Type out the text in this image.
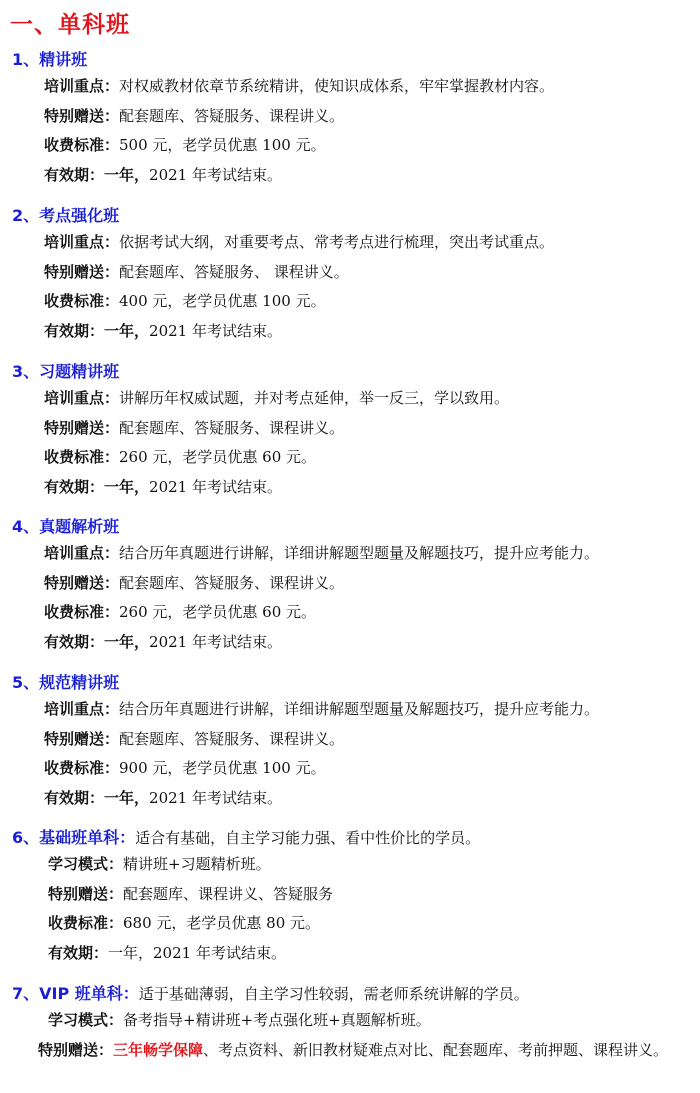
一、单科班
1、精讲班
培训重点：对权威教材依章节系统精讲，使知识成体系，牢牢掌握教材内容。
特别赠送：配套题库、答疑服务、课程讲义。
收费标准：500 元，老学员优惠 100 元。
有效期：一年，2021 年考试结束。
2、考点强化班
培训重点：依据考试大纲，对重要考点、常考考点进行梳理，突出考试重点。
特别赠送：配套题库、答疑服务、 课程讲义。
收费标准：400 元，老学员优惠 100 元。
有效期：一年，2021 年考试结束。
3、习题精讲班
培训重点：讲解历年权威试题，并对考点延伸，举一反三，学以致用。
特别赠送：配套题库、答疑服务、课程讲义。
收费标准：260 元，老学员优惠 60 元。
有效期：一年，2021 年考试结束。
4、真题解析班
培训重点：结合历年真题进行讲解，详细讲解题型题量及解题技巧，提升应考能力。
特别赠送：配套题库、答疑服务、课程讲义。
收费标准：260 元，老学员优惠 60 元。
有效期：一年，2021 年考试结束。
5、规范精讲班
培训重点：结合历年真题进行讲解，详细讲解题型题量及解题技巧，提升应考能力。
特别赠送：配套题库、答疑服务、课程讲义。
收费标准：900 元，老学员优惠 100 元。
有效期：一年，2021 年考试结束。
6、基础班单科：适合有基础，自主学习能力强、看中性价比的学员。
学习模式：精讲班+习题精析班。
特别赠送：配套题库、课程讲义、答疑服务
收费标准：680 元，老学员优惠 80 元。
有效期：一年，2021 年考试结束。
7、VIP 班单科：适于基础薄弱，自主学习性较弱，需老师系统讲解的学员。
学习模式：备考指导+精讲班+考点强化班+真题解析班。
特别赠送：三年畅学保障、考点资料、新旧教材疑难点对比、配套题库、考前押题、课程讲义。
